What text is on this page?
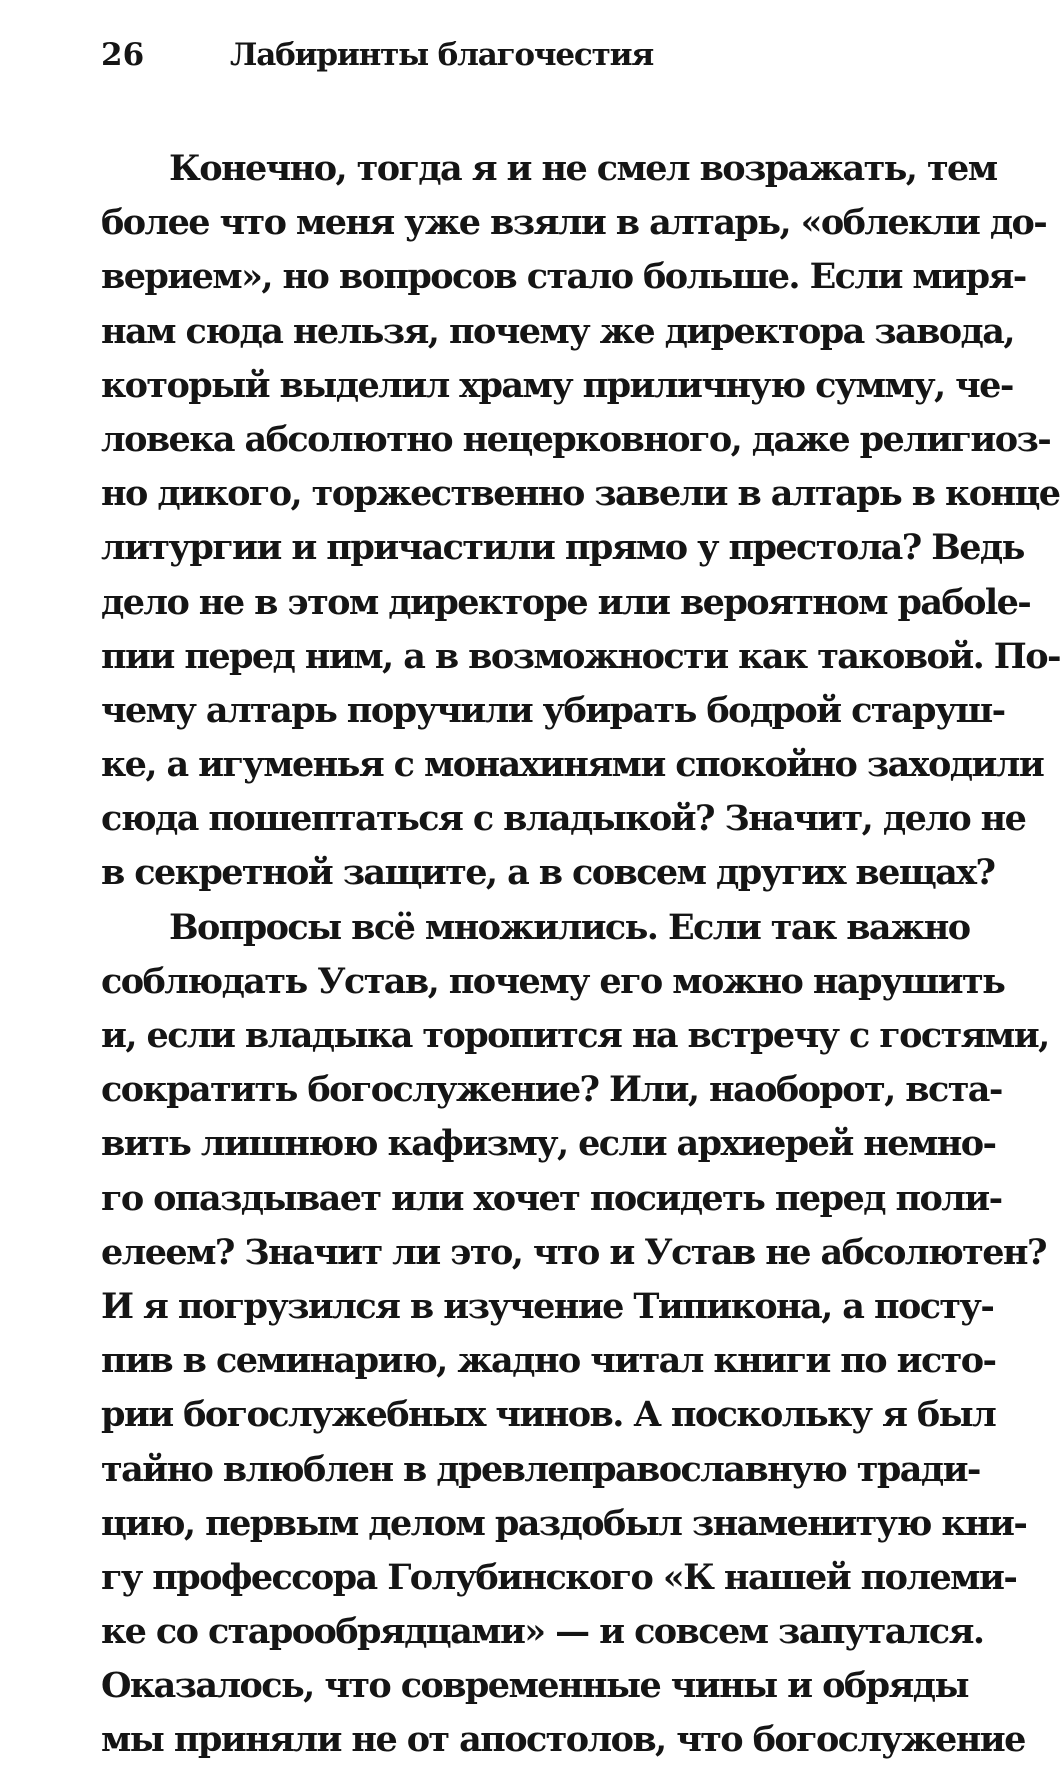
26	Лабиринты благочестия
Конечно, тогда я и не смел возражать, тем
более что меня уже взяли в алтарь, «облекли до-
верием», но вопросов стало больше. Если миря-
нам сюда нельзя, почему же директора завода,
который выделил храму приличную сумму, че-
ловека абсолютно нецерковного, даже религиоз-
но дикого, торжественно завели в алтарь в конце
литургии и причастили прямо у престола? Ведь
дело не в этом директоре или вероятном рабole-
пии перед ним, а в возможности как таковой. По-
чему алтарь поручили убирать бодрой старуш-
ке, а игуменья с монахинями спокойно заходили
сюда пошептаться с владыкой? Значит, дело не
в секретной защите, а в совсем других вещах?
Вопросы всё множились. Если так важно
соблюдать Устав, почему его можно нарушить
и, если владыка торопится на встречу с гостями,
сократить богослужение? Или, наоборот, вста-
вить лишнюю кафизму, если архиерей немно-
го опаздывает или хочет посидеть перед поли-
елеем? Значит ли это, что и Устав не абсолютен?
И я погрузился в изучение Типикона, а посту-
пив в семинарию, жадно читал книги по исто-
рии богослужебных чинов. А поскольку я был
тайно влюблен в древлеправославную тради-
цию, первым делом раздобыл знаменитую кни-
гу профессора Голубинского «К нашей полеми-
ке со старообрядцами» — и совсем запутался.
Оказалось, что современные чины и обряды
мы приняли не от апостолов, что богослужение
